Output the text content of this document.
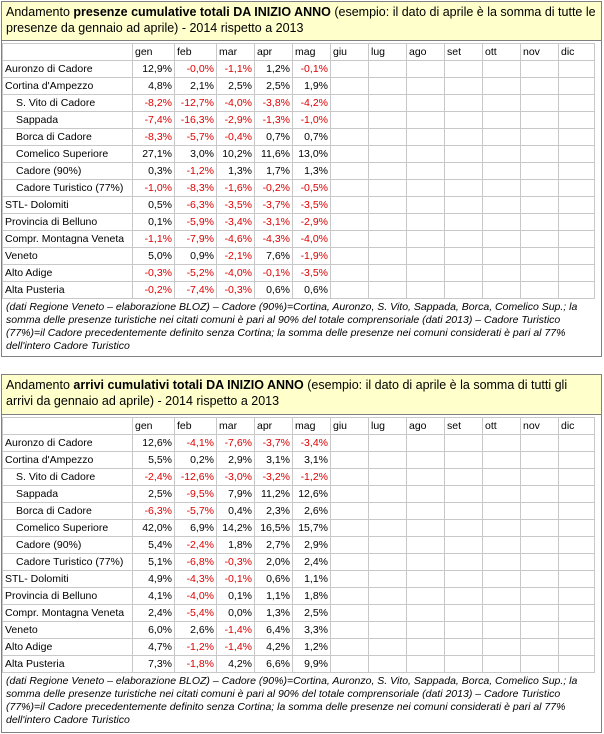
Andamento presenze cumulative totali DA INIZIO ANNO (esempio: il dato di aprile è la somma di tutte le presenze da gennaio ad aprile) - 2014 rispetto a 2013
	gen	feb	mar	apr	mag	giu	lug	ago	set	ott	nov	dic
Auronzo di Cadore	12,9%	-0,0%	-1,1%	1,2%	-0,1%							
Cortina d'Ampezzo	4,8%	2,1%	2,5%	2,5%	1,9%							
S. Vito di Cadore	-8,2%	-12,7%	-4,0%	-3,8%	-4,2%							
Sappada	-7,4%	-16,3%	-2,9%	-1,3%	-1,0%							
Borca di Cadore	-8,3%	-5,7%	-0,4%	0,7%	0,7%							
Comelico Superiore	27,1%	3,0%	10,2%	11,6%	13,0%							
Cadore (90%)	0,3%	-1,2%	1,3%	1,7%	1,3%							
Cadore Turistico (77%)	-1,0%	-8,3%	-1,6%	-0,2%	-0,5%							
STL- Dolomiti	0,5%	-6,3%	-3,5%	-3,7%	-3,5%							
Provincia di Belluno	0,1%	-5,9%	-3,4%	-3,1%	-2,9%							
Compr. Montagna Veneta	-1,1%	-7,9%	-4,6%	-4,3%	-4,0%							
Veneto	5,0%	0,9%	-2,1%	7,6%	-1,9%							
Alto Adige	-0,3%	-5,2%	-4,0%	-0,1%	-3,5%							
Alta Pusteria	-0,2%	-7,4%	-0,3%	0,6%	0,6%							
(dati Regione Veneto – elaborazione BLOZ) – Cadore (90%)=Cortina, Auronzo, S. Vito, Sappada, Borca, Comelico Sup.; la somma delle presenze turistiche nei citati comuni è pari al 90% del totale comprensoriale (dati 2013) – Cadore Turistico (77%)=il Cadore precedentemente definito senza Cortina; la somma delle presenze nei comuni considerati è pari al 77% dell'intero Cadore Turistico
Andamento arrivi cumulativi totali DA INIZIO ANNO (esempio: il dato di aprile è la somma di tutti gli arrivi da gennaio ad aprile) - 2014 rispetto a 2013
	gen	feb	mar	apr	mag	giu	lug	ago	set	ott	nov	dic
Auronzo di Cadore	12,6%	-4,1%	-7,6%	-3,7%	-3,4%							
Cortina d'Ampezzo	5,5%	0,2%	2,9%	3,1%	3,1%							
S. Vito di Cadore	-2,4%	-12,6%	-3,0%	-3,2%	-1,2%							
Sappada	2,5%	-9,5%	7,9%	11,2%	12,6%							
Borca di Cadore	-6,3%	-5,7%	0,4%	2,3%	2,6%							
Comelico Superiore	42,0%	6,9%	14,2%	16,5%	15,7%							
Cadore (90%)	5,4%	-2,4%	1,8%	2,7%	2,9%							
Cadore Turistico (77%)	5,1%	-6,8%	-0,3%	2,0%	2,4%							
STL- Dolomiti	4,9%	-4,3%	-0,1%	0,6%	1,1%							
Provincia di Belluno	4,1%	-4,0%	0,1%	1,1%	1,8%							
Compr. Montagna Veneta	2,4%	-5,4%	0,0%	1,3%	2,5%							
Veneto	6,0%	2,6%	-1,4%	6,4%	3,3%							
Alto Adige	4,7%	-1,2%	-1,4%	4,2%	1,2%							
Alta Pusteria	7,3%	-1,8%	4,2%	6,6%	9,9%							
(dati Regione Veneto – elaborazione BLOZ) – Cadore (90%)=Cortina, Auronzo, S. Vito, Sappada, Borca, Comelico Sup.; la somma delle presenze turistiche nei citati comuni è pari al 90% del totale comprensoriale (dati 2013) – Cadore Turistico (77%)=il Cadore precedentemente definito senza Cortina; la somma delle presenze nei comuni considerati è pari al 77% dell'intero Cadore Turistico
